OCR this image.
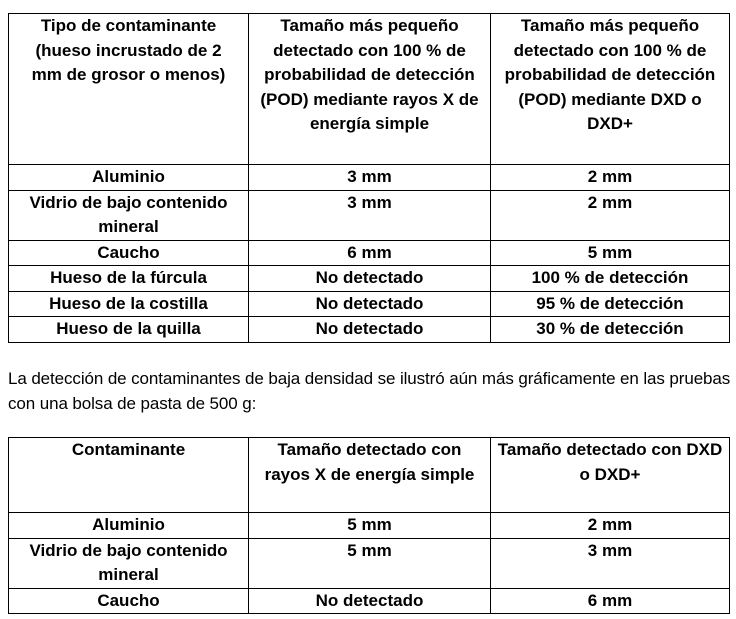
Tipo de contaminante (hueso incrustado de 2 mm de grosor o menos)	Tamaño más pequeño detectado con 100 % de probabilidad de detección (POD) mediante rayos X de energía simple	Tamaño más pequeño detectado con 100 % de probabilidad de detección (POD) mediante DXD o DXD+
Aluminio	3 mm	2 mm
Vidrio de bajo contenido mineral	3 mm	2 mm
Caucho	6 mm	5 mm
Hueso de la fúrcula	No detectado	100 % de detección
Hueso de la costilla	No detectado	95 % de detección
Hueso de la quilla	No detectado	30 % de detección

La detección de contaminantes de baja densidad se ilustró aún más gráficamente en las pruebas con una bolsa de pasta de 500 g:

Contaminante	Tamaño detectado con rayos X de energía simple	Tamaño detectado con DXD o DXD+
Aluminio	5 mm	2 mm
Vidrio de bajo contenido mineral	5 mm	3 mm
Caucho	No detectado	6 mm
